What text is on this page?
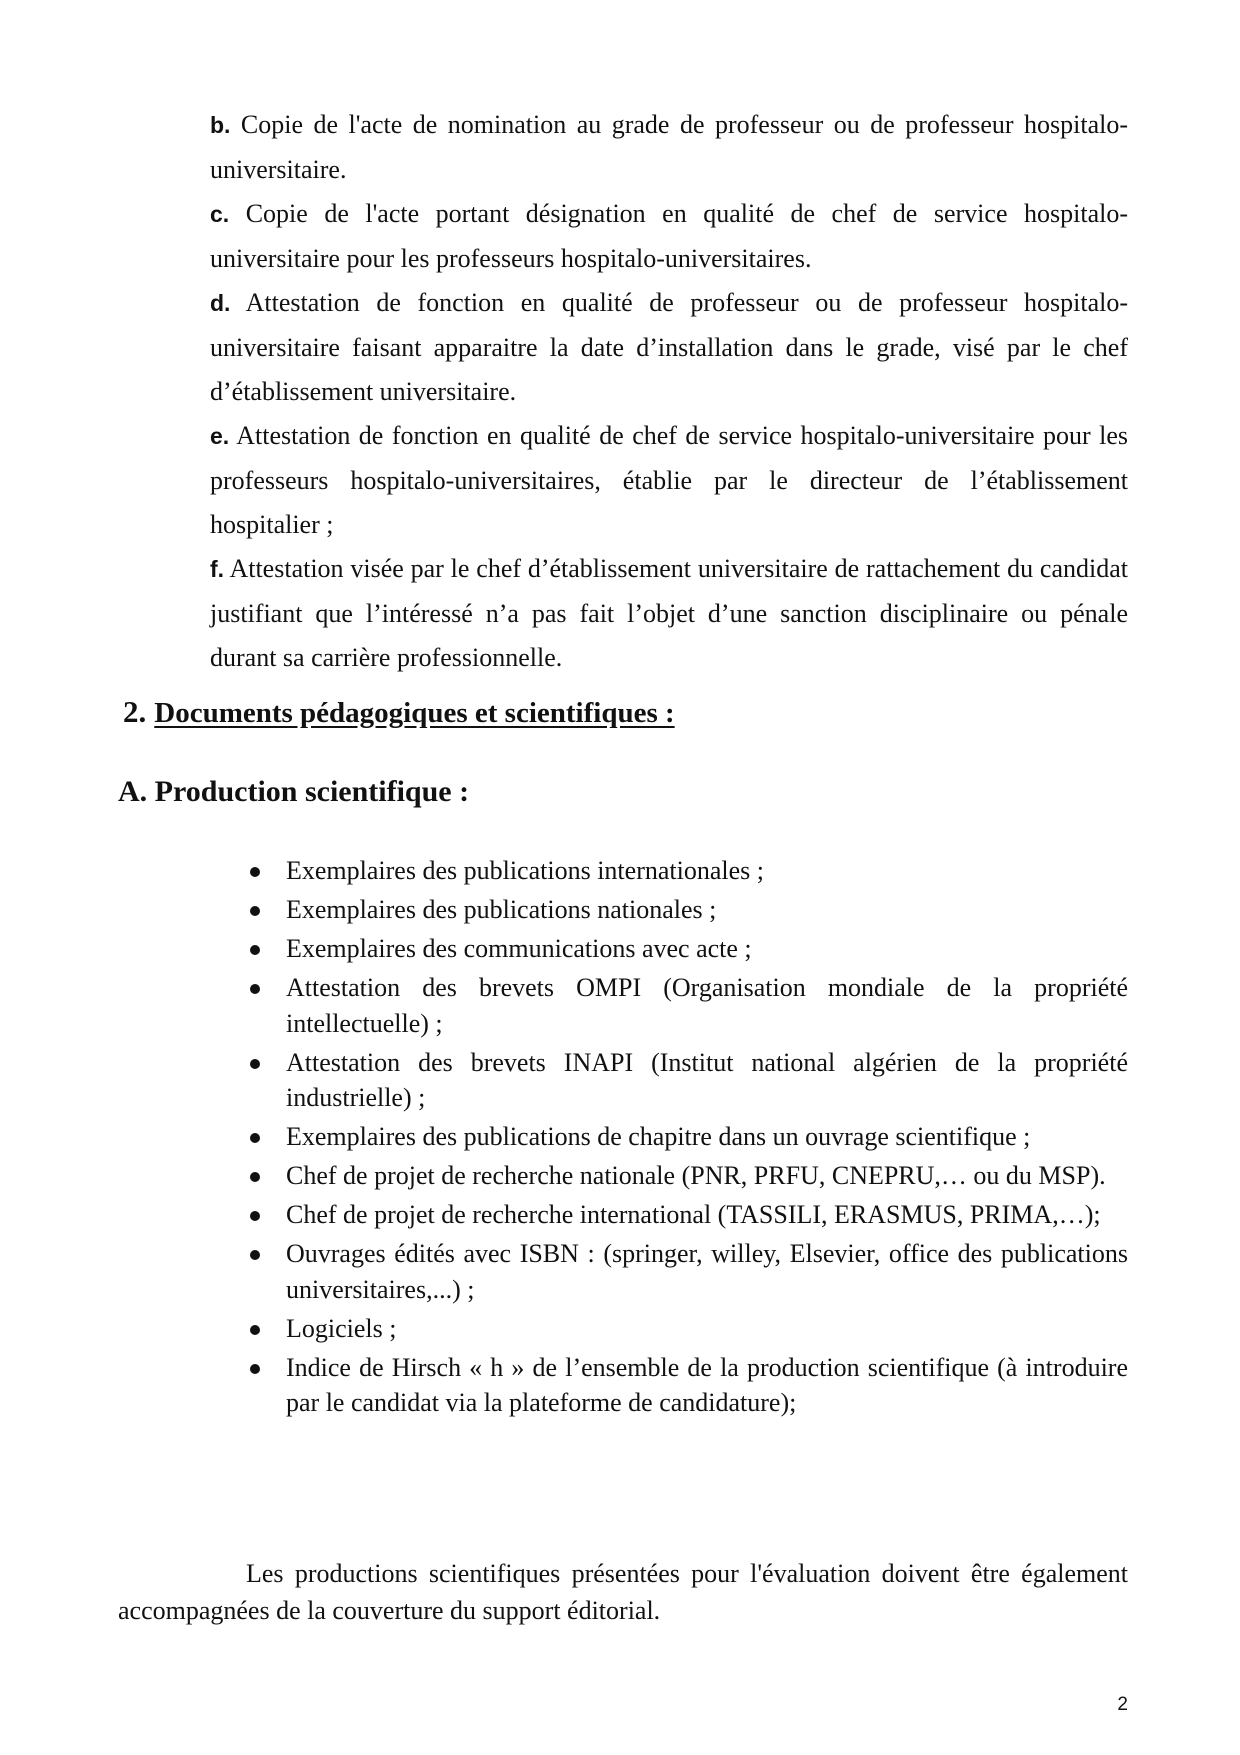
b. Copie de l'acte de nomination au grade de professeur ou de professeur hospitalo-universitaire.

c. Copie de l'acte portant désignation en qualité de chef de service hospitalo-universitaire pour les professeurs hospitalo-universitaires.

d. Attestation de fonction en qualité de professeur ou de professeur hospitalo-universitaire faisant apparaitre la date d’installation dans le grade, visé par le chef d’établissement universitaire.

e. Attestation de fonction en qualité de chef de service hospitalo-universitaire pour les professeurs hospitalo-universitaires, établie par le directeur de l’établissement hospitalier ;

f. Attestation visée par le chef d’établissement universitaire de rattachement du candidat justifiant que l’intéressé n’a pas fait l’objet d’une sanction disciplinaire ou pénale durant sa carrière professionnelle.

2. Documents pédagogiques et scientifiques :
A. Production scientifique :
Exemplaires des publications internationales ;
Exemplaires des publications nationales ;
Exemplaires des communications avec acte ;
Attestation des brevets OMPI (Organisation mondiale de la propriété intellectuelle) ;
Attestation des brevets INAPI (Institut national algérien de la propriété industrielle) ;
Exemplaires des publications de chapitre dans un ouvrage scientifique ;
Chef de projet de recherche nationale (PNR, PRFU, CNEPRU,… ou du MSP).
Chef de projet de recherche international (TASSILI, ERASMUS, PRIMA,…);
Ouvrages édités avec ISBN : (springer, willey, Elsevier, office des publications universitaires,...) ;
Logiciels ;
Indice de Hirsch « h » de l’ensemble de la production scientifique (à introduire par le candidat via la plateforme de candidature);

Les productions scientifiques présentées pour l'évaluation doivent être également accompagnées de la couverture du support éditorial.

2
